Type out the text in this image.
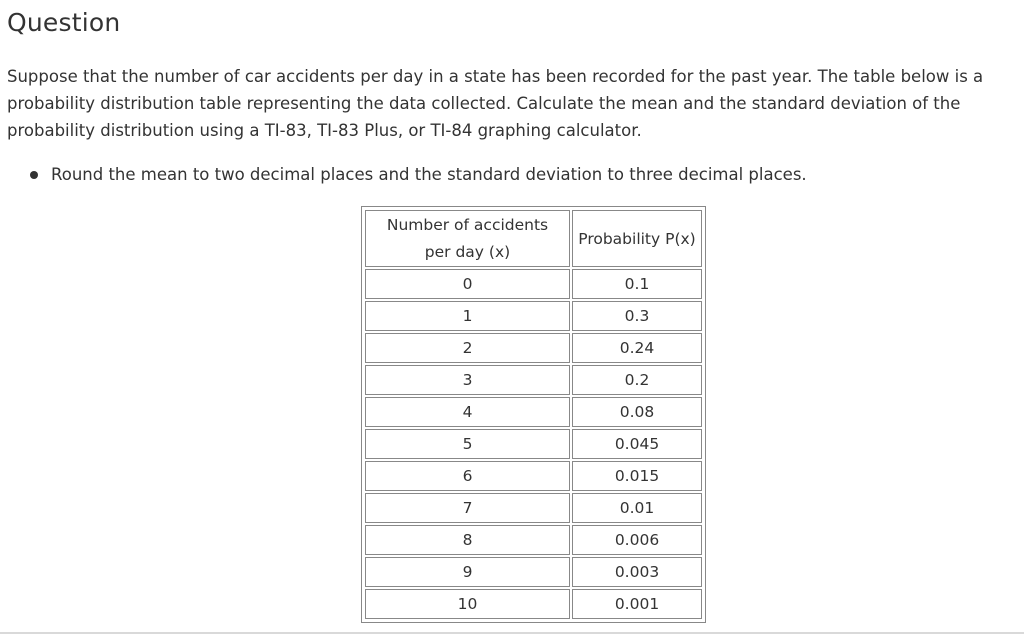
Question

Suppose that the number of car accidents per day in a state has been recorded for the past year. The table below is a probability distribution table representing the data collected. Calculate the mean and the standard deviation of the probability distribution using a TI-83, TI-83 Plus, or TI-84 graphing calculator.

Round the mean to two decimal places and the standard deviation to three decimal places.
Number of accidents
per day (x)	Probability P(x)
0	0.1
1	0.3
2	0.24
3	0.2
4	0.08
5	0.045
6	0.015
7	0.01
8	0.006
9	0.003
10	0.001
